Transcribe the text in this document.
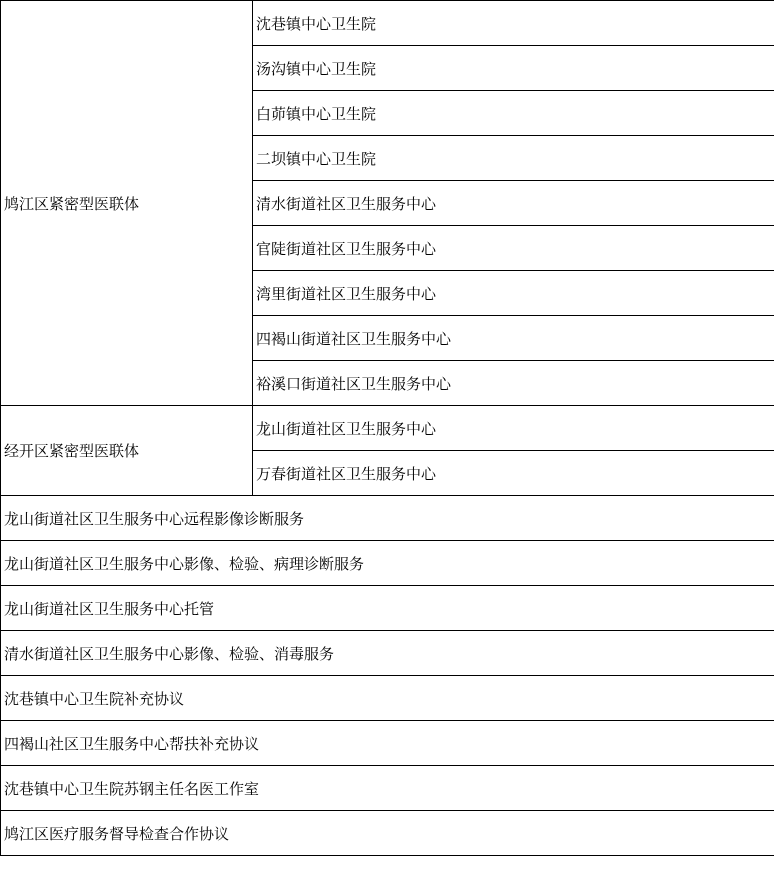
鸠江区紧密型医联体	沈巷镇中心卫生院
	汤沟镇中心卫生院
	白茆镇中心卫生院
	二坝镇中心卫生院
	清水街道社区卫生服务中心
	官陡街道社区卫生服务中心
	湾里街道社区卫生服务中心
	四褐山街道社区卫生服务中心
	裕溪口街道社区卫生服务中心
经开区紧密型医联体	龙山街道社区卫生服务中心
	万春街道社区卫生服务中心
龙山街道社区卫生服务中心远程影像诊断服务	
龙山街道社区卫生服务中心影像、检验、病理诊断服务	
龙山街道社区卫生服务中心托管	
清水街道社区卫生服务中心影像、检验、消毒服务	
沈巷镇中心卫生院补充协议	
四褐山社区卫生服务中心帮扶补充协议	
沈巷镇中心卫生院苏钢主任名医工作室	
鸠江区医疗服务督导检查合作协议	
